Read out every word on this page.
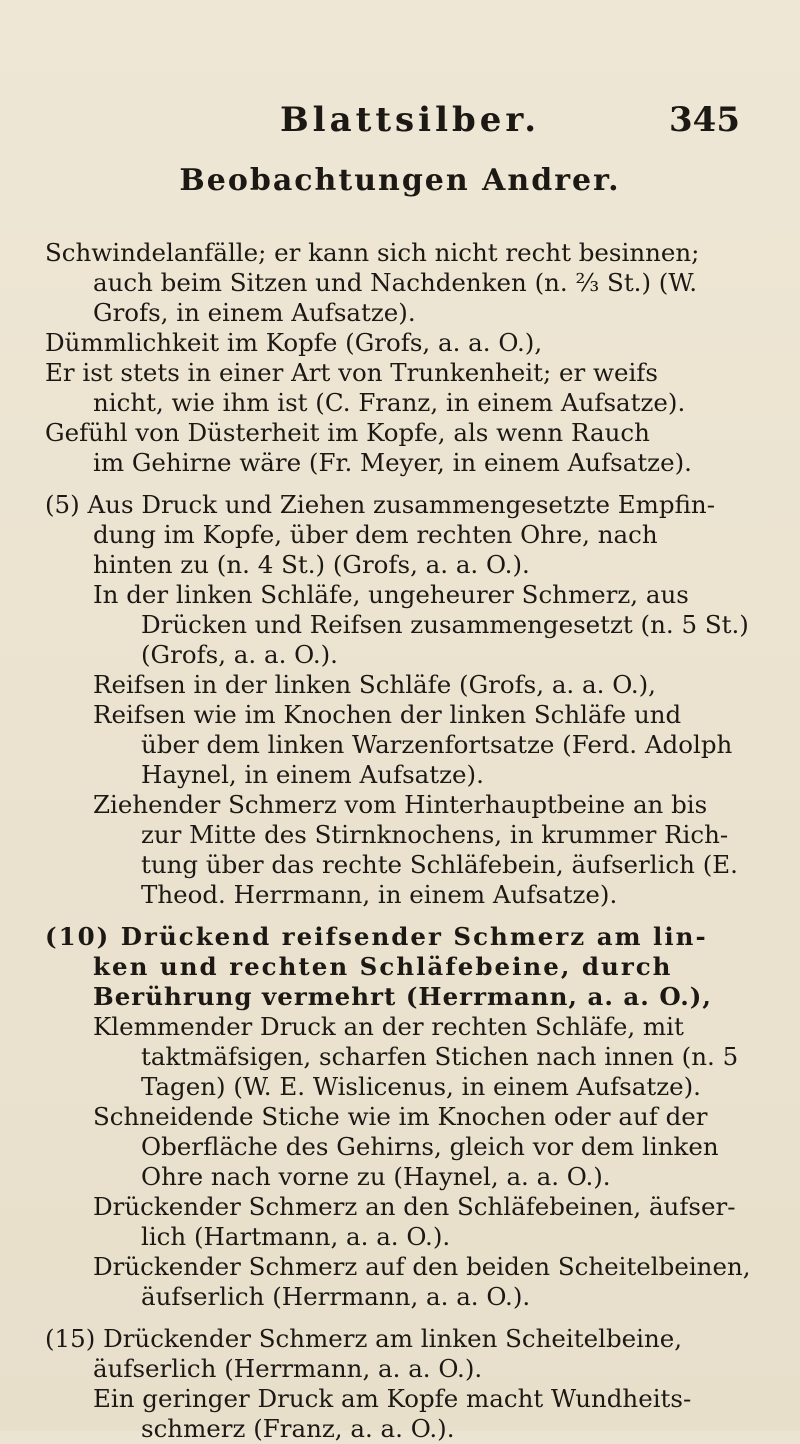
Blattsilber.	345
Beobachtungen Andrer.

Schwindelanfälle; er kann sich nicht recht besinnen;
auch beim Sitzen und Nachdenken (n. ⅔ St.) (W.
Grofs, in einem Aufsatze).

Dümmlichkeit im Kopfe (Grofs, a. a. O.),

Er ist stets in einer Art von Trunkenheit; er weifs
nicht, wie ihm ist (C. Franz, in einem Aufsatze).

Gefühl von Düsterheit im Kopfe, als wenn Rauch
im Gehirne wäre (Fr. Meyer, in einem Aufsatze).

(5) Aus Druck und Ziehen zusammengesetzte Empfin-
dung im Kopfe, über dem rechten Ohre, nach
hinten zu (n. 4 St.) (Grofs, a. a. O.).

In der linken Schläfe, ungeheurer Schmerz, aus
Drücken und Reifsen zusammengesetzt (n. 5 St.)
(Grofs, a. a. O.).

Reifsen in der linken Schläfe (Grofs, a. a. O.),

Reifsen wie im Knochen der linken Schläfe und
über dem linken Warzenfortsatze (Ferd. Adolph
Haynel, in einem Aufsatze).

Ziehender Schmerz vom Hinterhauptbeine an bis
zur Mitte des Stirnknochens, in krummer Rich-
tung über das rechte Schläfebein, äufserlich (E.
Theod. Herrmann, in einem Aufsatze).

(10) Drückend reifsender Schmerz am lin-
ken und rechten Schläfebeine, durch
Berührung vermehrt (Herrmann, a. a. O.),

Klemmender Druck an der rechten Schläfe, mit
taktmäfsigen, scharfen Stichen nach innen (n. 5
Tagen) (W. E. Wislicenus, in einem Aufsatze).

Schneidende Stiche wie im Knochen oder auf der
Oberfläche des Gehirns, gleich vor dem linken
Ohre nach vorne zu (Haynel, a. a. O.).

Drückender Schmerz an den Schläfebeinen, äufser-
lich (Hartmann, a. a. O.).

Drückender Schmerz auf den beiden Scheitelbeinen,
äufserlich (Herrmann, a. a. O.).

(15) Drückender Schmerz am linken Scheitelbeine,
äufserlich (Herrmann, a. a. O.).

Ein geringer Druck am Kopfe macht Wundheits-
schmerz (Franz, a. a. O.).
